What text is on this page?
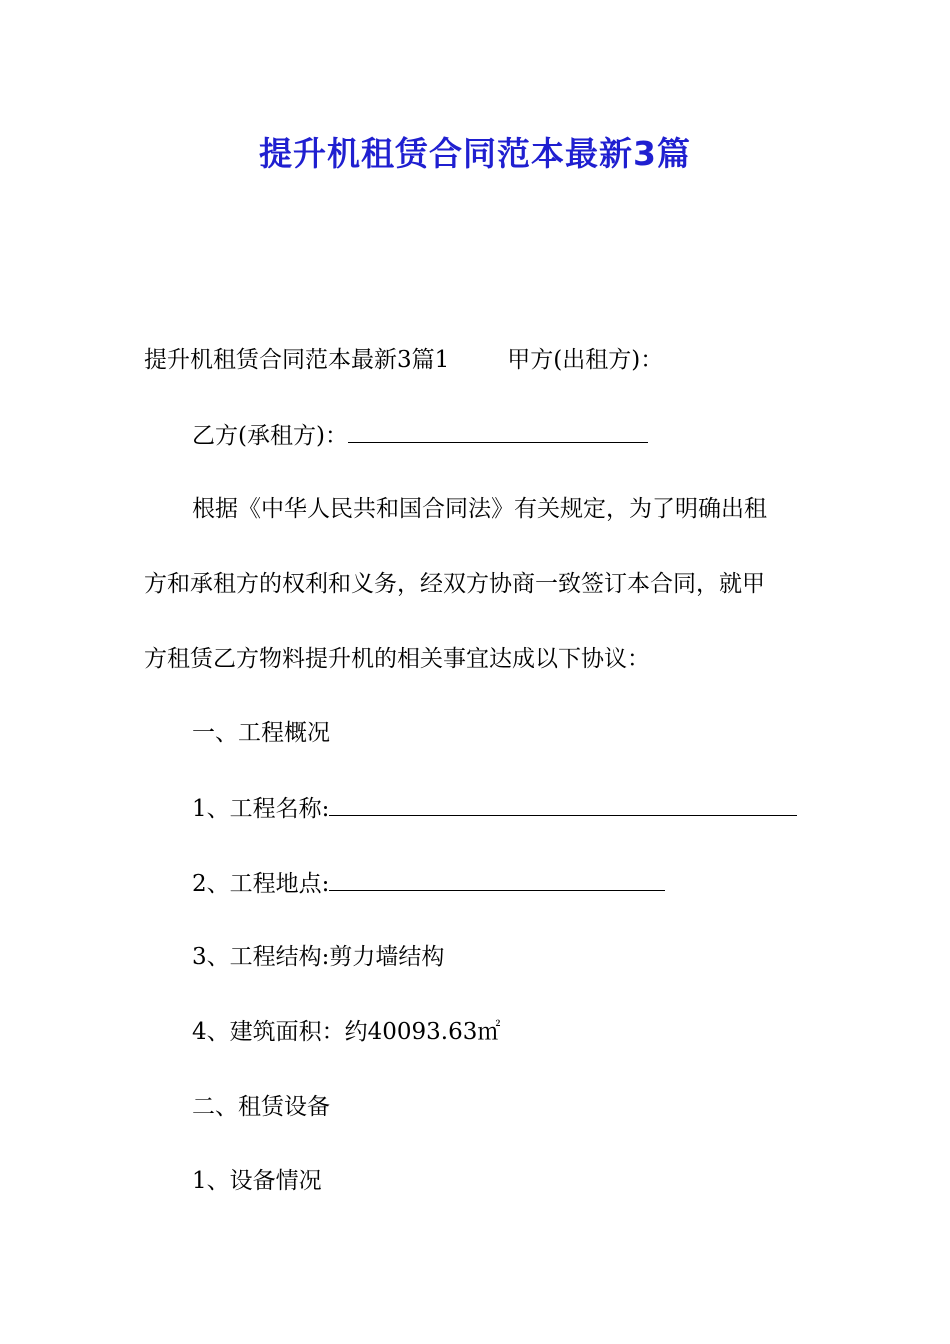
提升机租赁合同范本最新3篇
提升机租赁合同范本最新3篇1	甲方(出租方)：
乙方(承租方)：
根据《中华人民共和国合同法》有关规定，为了明确出租
方和承租方的权利和义务，经双方协商一致签订本合同，就甲
方租赁乙方物料提升机的相关事宜达成以下协议：
一、工程概况
1、工程名称:
2、工程地点:
3、工程结构:剪力墙结构
4、建筑面积：约40093.63㎡
二、租赁设备
1、设备情况
